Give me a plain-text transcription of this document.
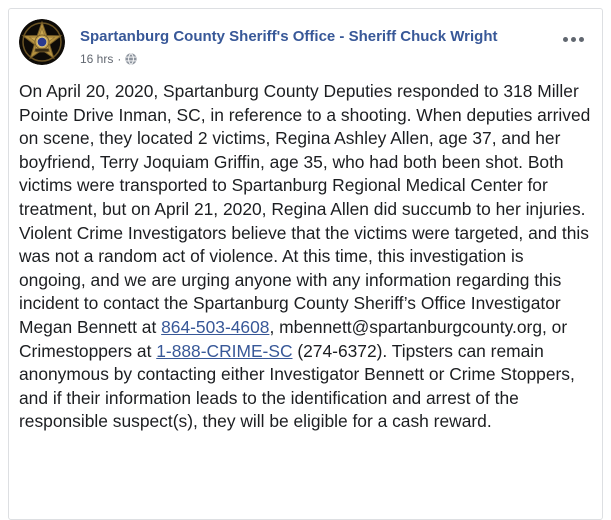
Spartanburg County Sheriff's Office - Sheriff Chuck Wright
16 hrs ·
On April 20, 2020, Spartanburg County Deputies responded to 318 Miller Pointe Drive Inman, SC, in reference to a shooting. When deputies arrived on scene, they located 2 victims, Regina Ashley Allen, age 37, and her boyfriend, Terry Joquiam Griffin, age 35, who had both been shot. Both victims were transported to Spartanburg Regional Medical Center for treatment, but on April 21, 2020, Regina Allen did succumb to her injuries. Violent Crime Investigators believe that the victims were targeted, and this was not a random act of violence. At this time, this investigation is ongoing, and we are urging anyone with any information regarding this incident to contact the Spartanburg County Sheriff’s Office Investigator Megan Bennett at 864-503-4608, mbennett@spartanburgcounty.org, or Crimestoppers at 1-888-CRIME-SC (274-6372). Tipsters can remain anonymous by contacting either Investigator Bennett or Crime Stoppers, and if their information leads to the identification and arrest of the responsible suspect(s), they will be eligible for a cash reward.
